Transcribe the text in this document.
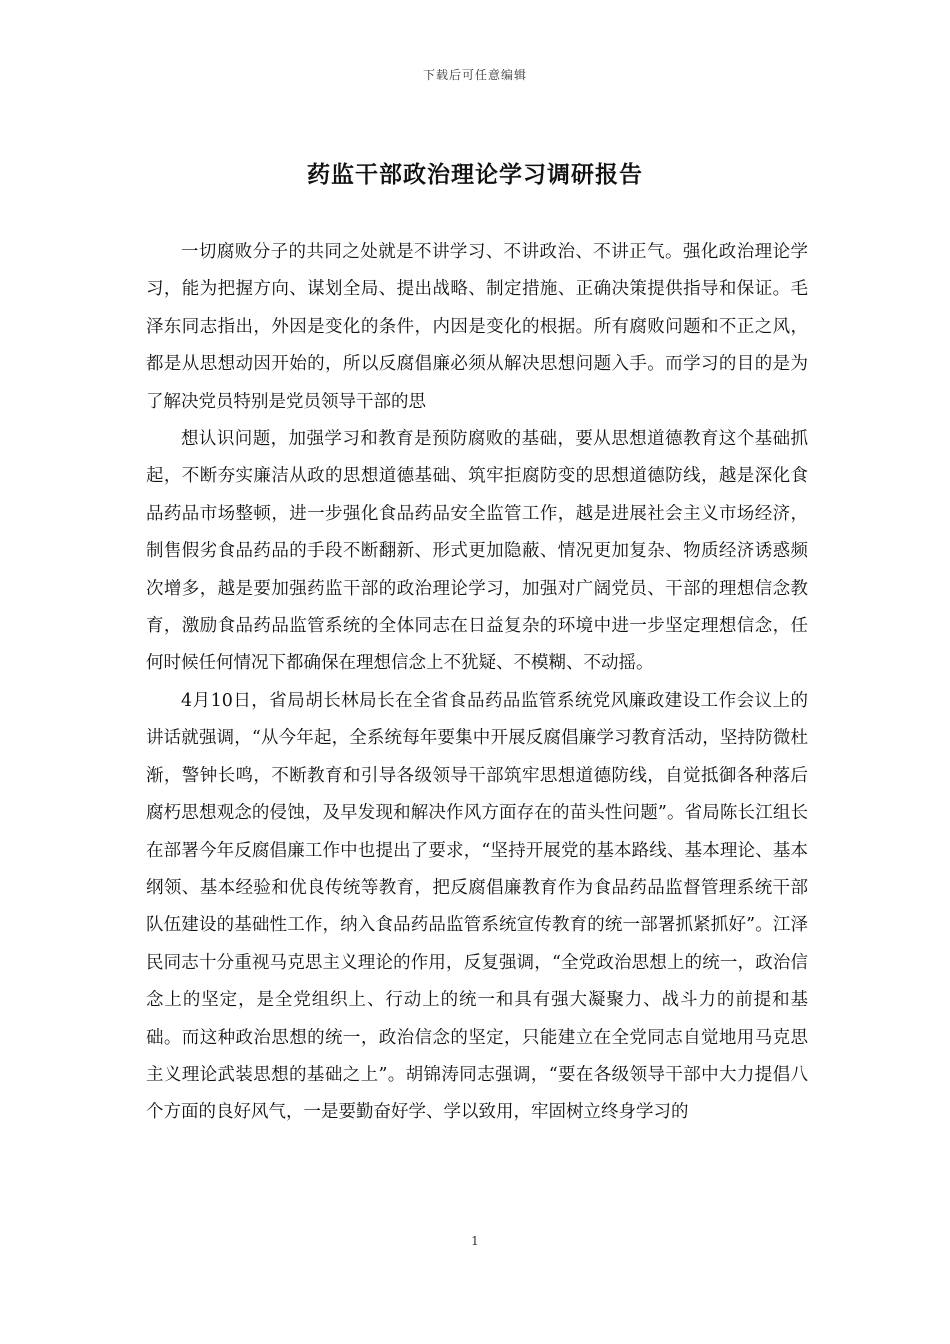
下载后可任意编辑
药监干部政治理论学习调研报告

一切腐败分子的共同之处就是不讲学习、不讲政治、不讲正气。强化政治理论学习，能为把握方向、谋划全局、提出战略、制定措施、正确决策提供指导和保证。毛泽东同志指出，外因是变化的条件，内因是变化的根据。所有腐败问题和不正之风，都是从思想动因开始的，所以反腐倡廉必须从解决思想问题入手。而学习的目的是为了解决党员特别是党员领导干部的思

想认识问题，加强学习和教育是预防腐败的基础，要从思想道德教育这个基础抓起，不断夯实廉洁从政的思想道德基础、筑牢拒腐防变的思想道德防线，越是深化食品药品市场整顿，进一步强化食品药品安全监管工作，越是进展社会主义市场经济，制售假劣食品药品的手段不断翻新、形式更加隐蔽、情况更加复杂、物质经济诱惑频次增多，越是要加强药监干部的政治理论学习，加强对广阔党员、干部的理想信念教育，激励食品药品监管系统的全体同志在日益复杂的环境中进一步坚定理想信念，任何时候任何情况下都确保在理想信念上不犹疑、不模糊、不动摇。

4月10日，省局胡长林局长在全省食品药品监管系统党风廉政建设工作会议上的讲话就强调，“从今年起，全系统每年要集中开展反腐倡廉学习教育活动，坚持防微杜渐，警钟长鸣，不断教育和引导各级领导干部筑牢思想道德防线，自觉抵御各种落后腐朽思想观念的侵蚀，及早发现和解决作风方面存在的苗头性问题”。省局陈长江组长在部署今年反腐倡廉工作中也提出了要求，“坚持开展党的基本路线、基本理论、基本纲领、基本经验和优良传统等教育，把反腐倡廉教育作为食品药品监督管理系统干部队伍建设的基础性工作，纳入食品药品监管系统宣传教育的统一部署抓紧抓好”。江泽民同志十分重视马克思主义理论的作用，反复强调，“全党政治思想上的统一，政治信念上的坚定，是全党组织上、行动上的统一和具有强大凝聚力、战斗力的前提和基础。而这种政治思想的统一，政治信念的坚定，只能建立在全党同志自觉地用马克思主义理论武装思想的基础之上”。胡锦涛同志强调，“要在各级领导干部中大力提倡八个方面的良好风气，一是要勤奋好学、学以致用，牢固树立终身学习的

1
